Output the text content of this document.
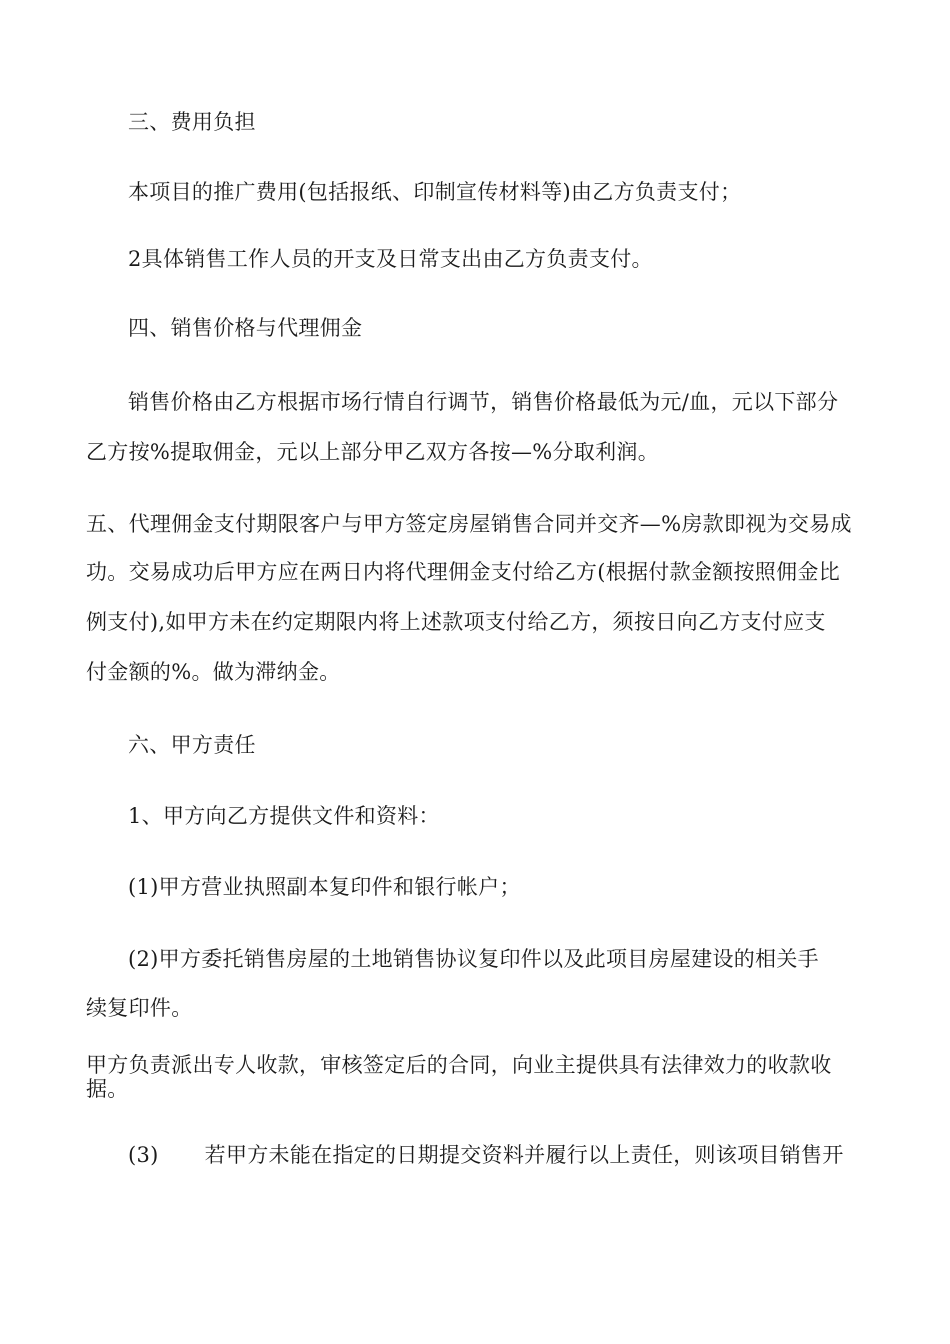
三、费用负担
本项目的推广费用(包括报纸、印制宣传材料等)由乙方负责支付；
2具体销售工作人员的开支及日常支出由乙方负责支付。
四、销售价格与代理佣金
销售价格由乙方根据市场行情自行调节，销售价格最低为元/血，元以下部分
乙方按%提取佣金，元以上部分甲乙双方各按—%分取利润。
五、代理佣金支付期限客户与甲方签定房屋销售合同并交齐—%房款即视为交易成
功。交易成功后甲方应在两日内将代理佣金支付给乙方(根据付款金额按照佣金比
例支付),如甲方未在约定期限内将上述款项支付给乙方，须按日向乙方支付应支
付金额的%。做为滞纳金。
六、甲方责任
1、甲方向乙方提供文件和资料：
(1)甲方营业执照副本复印件和银行帐户；
(2)甲方委托销售房屋的土地销售协议复印件以及此项目房屋建设的相关手
续复印件。
甲方负责派出专人收款，审核签定后的合同，向业主提供具有法律效力的收款收
据。
(3) 若甲方未能在指定的日期提交资料并履行以上责任，则该项目销售开
